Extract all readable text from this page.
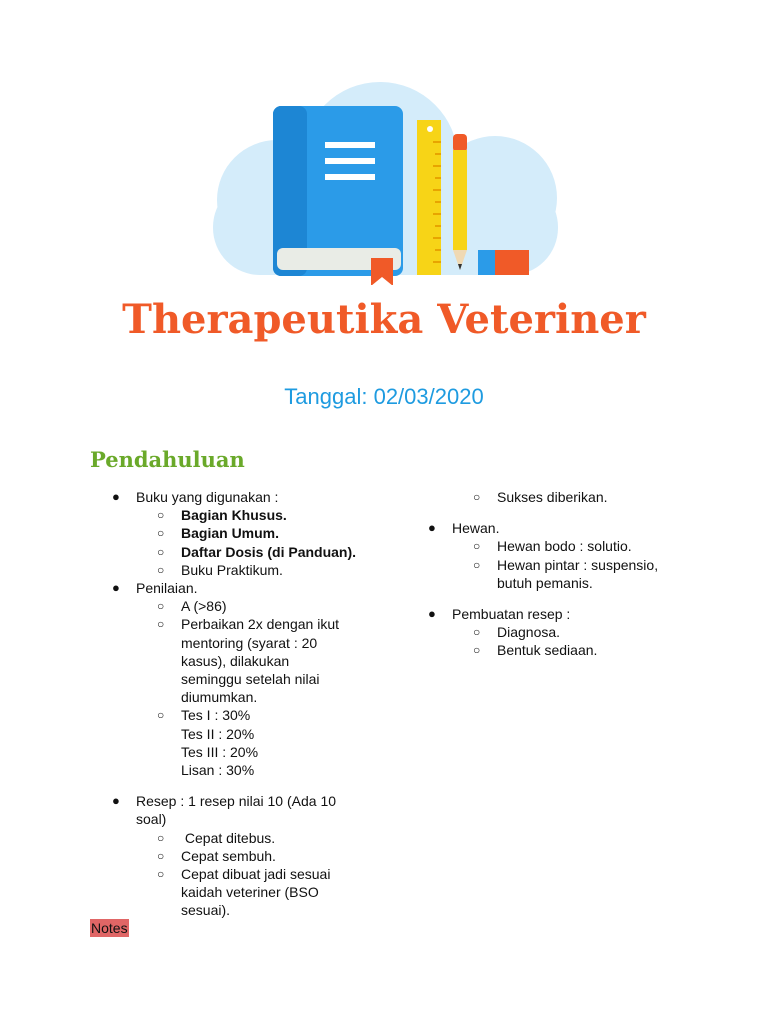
Therapeutika Veteriner
Tanggal: 02/03/2020
Pendahuluan
● Buku yang digunakan :
○ Bagian Khusus.
○ Bagian Umum.
○ Daftar Dosis (di Panduan).
○ Buku Praktikum.
● Penilaian.
○ A (>86)
○ Perbaikan 2x dengan ikut
mentoring (syarat : 20
kasus), dilakukan
seminggu setelah nilai
diumumkan.
○ Tes I : 30%
Tes II : 20%
Tes III : 20%
Lisan : 30%
● Resep : 1 resep nilai 10 (Ada 10
soal)
○ Cepat ditebus.
○ Cepat sembuh.
○ Cepat dibuat jadi sesuai
kaidah veteriner (BSO
sesuai).
○ Sukses diberikan.
● Hewan.
○ Hewan bodo : solutio.
○ Hewan pintar : suspensio,
butuh pemanis.
● Pembuatan resep :
○ Diagnosa.
○ Bentuk sediaan.
Notes
